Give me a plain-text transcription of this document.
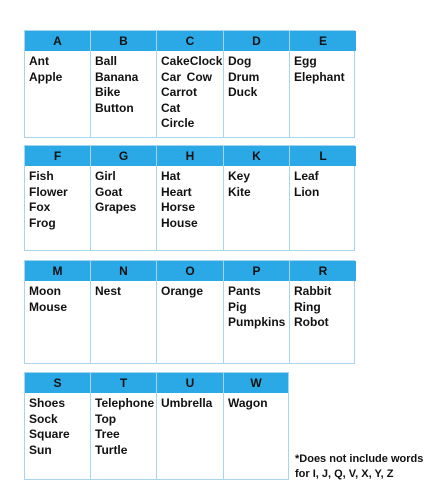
A
Ant
Apple
B
Ball
Banana
Bike
Button
C
Cake Clock
Car Cow
Carrot
Cat
Circle
D
Dog
Drum
Duck
E
Egg
Elephant
F
Fish
Flower
Fox
Frog
G
Girl
Goat
Grapes
H
Hat
Heart
Horse
House
K
Key
Kite
L
Leaf
Lion
M
Moon
Mouse
N
Nest
O
Orange
P
Pants
Pig
Pumpkins
R
Rabbit
Ring
Robot
S
Shoes
Sock
Square
Sun
T
Telephone
Top
Tree
Turtle
U
Umbrella
W
Wagon
*Does not include words
for I, J, Q, V, X, Y, Z
